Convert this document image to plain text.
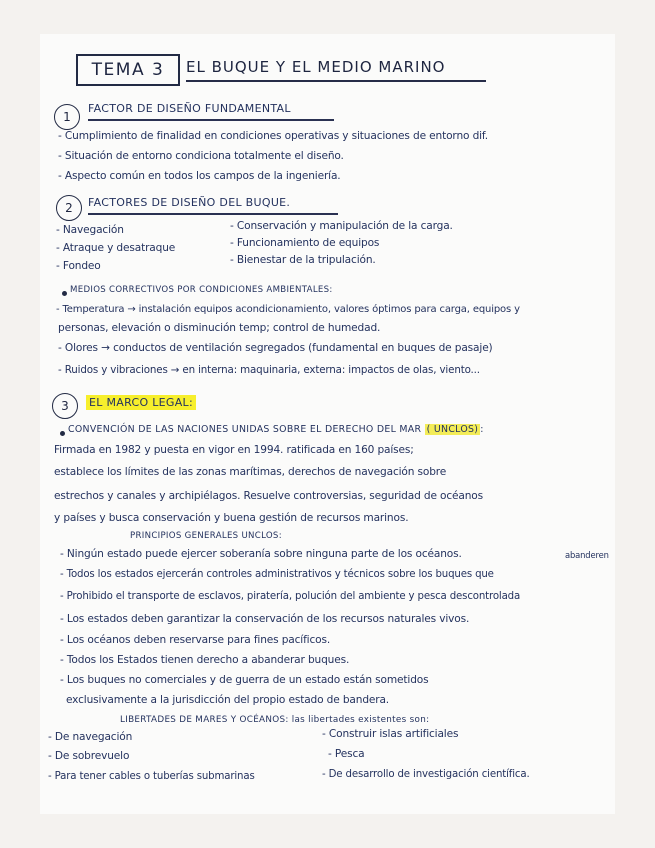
TEMA 3	EL BUQUE Y EL MEDIO MARINO
1
FACTOR DE DISEÑO FUNDAMENTAL
- Cumplimiento de finalidad en condiciones operativas y situaciones de entorno dif.
- Situación de entorno condiciona totalmente el diseño.
- Aspecto común en todos los campos de la ingeniería.
2	FACTORES DE DISEÑO DEL BUQUE.
- Navegación
- Atraque y desatraque
- Fondeo
- Conservación y manipulación de la carga.
- Funcionamiento de equipos
- Bienestar de la tripulación.
MEDIOS CORRECTIVOS POR CONDICIONES AMBIENTALES:
- Temperatura → instalación equipos acondicionamiento, valores óptimos para carga, equipos y
personas, elevación o disminución temp; control de humedad.
- Olores → conductos de ventilación segregados (fundamental en buques de pasaje)
- Ruidos y vibraciones → en interna: maquinaria, externa: impactos de olas, viento...
3	EL MARCO LEGAL:
CONVENCIÓN DE LAS NACIONES UNIDAS SOBRE EL DERECHO DEL MAR ( UNCLOS) :
Firmada en 1982 y puesta en vigor en 1994. ratificada en 160 países;
establece los límites de las zonas marítimas, derechos de navegación sobre
estrechos y canales y archipiélagos. Resuelve controversias, seguridad de océanos
y países y busca conservación y buena gestión de recursos marinos.
PRINCIPIOS GENERALES UNCLOS:
abanderen
- Ningún estado puede ejercer soberanía sobre ninguna parte de los océanos.
- Todos los estados ejercerán controles administrativos y técnicos sobre los buques que
- Prohibido el transporte de esclavos, piratería, polución del ambiente y pesca descontrolada
- Los estados deben garantizar la conservación de los recursos naturales vivos.
- Los océanos deben reservarse para fines pacíficos.
- Todos los Estados tienen derecho a abanderar buques.
- Los buques no comerciales y de guerra de un estado están sometidos
exclusivamente a la jurisdicción del propio estado de bandera.
LIBERTADES DE MARES Y OCÉANOS: las libertades existentes son:
- De navegación
- De sobrevuelo
- Para tener cables o tuberías submarinas
- Construir islas artificiales
- Pesca
- De desarrollo de investigación científica.
